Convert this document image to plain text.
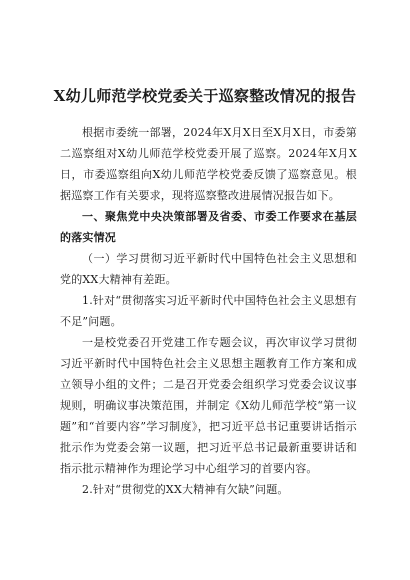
X幼儿师范学校党委关于巡察整改情况的报告

根据市委统一部署，2024年X月X日至X月X日，市委第二巡察组对X幼儿师范学校党委开展了巡察。2024年X月X日，市委巡察组向X幼儿师范学校党委反馈了巡察意见。根据巡察工作有关要求，现将巡察整改进展情况报告如下。

一、聚焦党中央决策部署及省委、市委工作要求在基层的落实情况

（一）学习贯彻习近平新时代中国特色社会主义思想和党的XX大精神有差距。

1.针对“贯彻落实习近平新时代中国特色社会主义思想有不足”问题。

一是校党委召开党建工作专题会议，再次审议学习贯彻习近平新时代中国特色社会主义思想主题教育工作方案和成立领导小组的文件；二是召开党委会组织学习党委会议议事规则，明确议事决策范围，并制定《X幼儿师范学校“第一议题”和“首要内容”学习制度》，把习近平总书记重要讲话指示批示作为党委会第一议题，把习近平总书记最新重要讲话和指示批示精神作为理论学习中心组学习的首要内容。

2.针对“贯彻党的XX大精神有欠缺”问题。
